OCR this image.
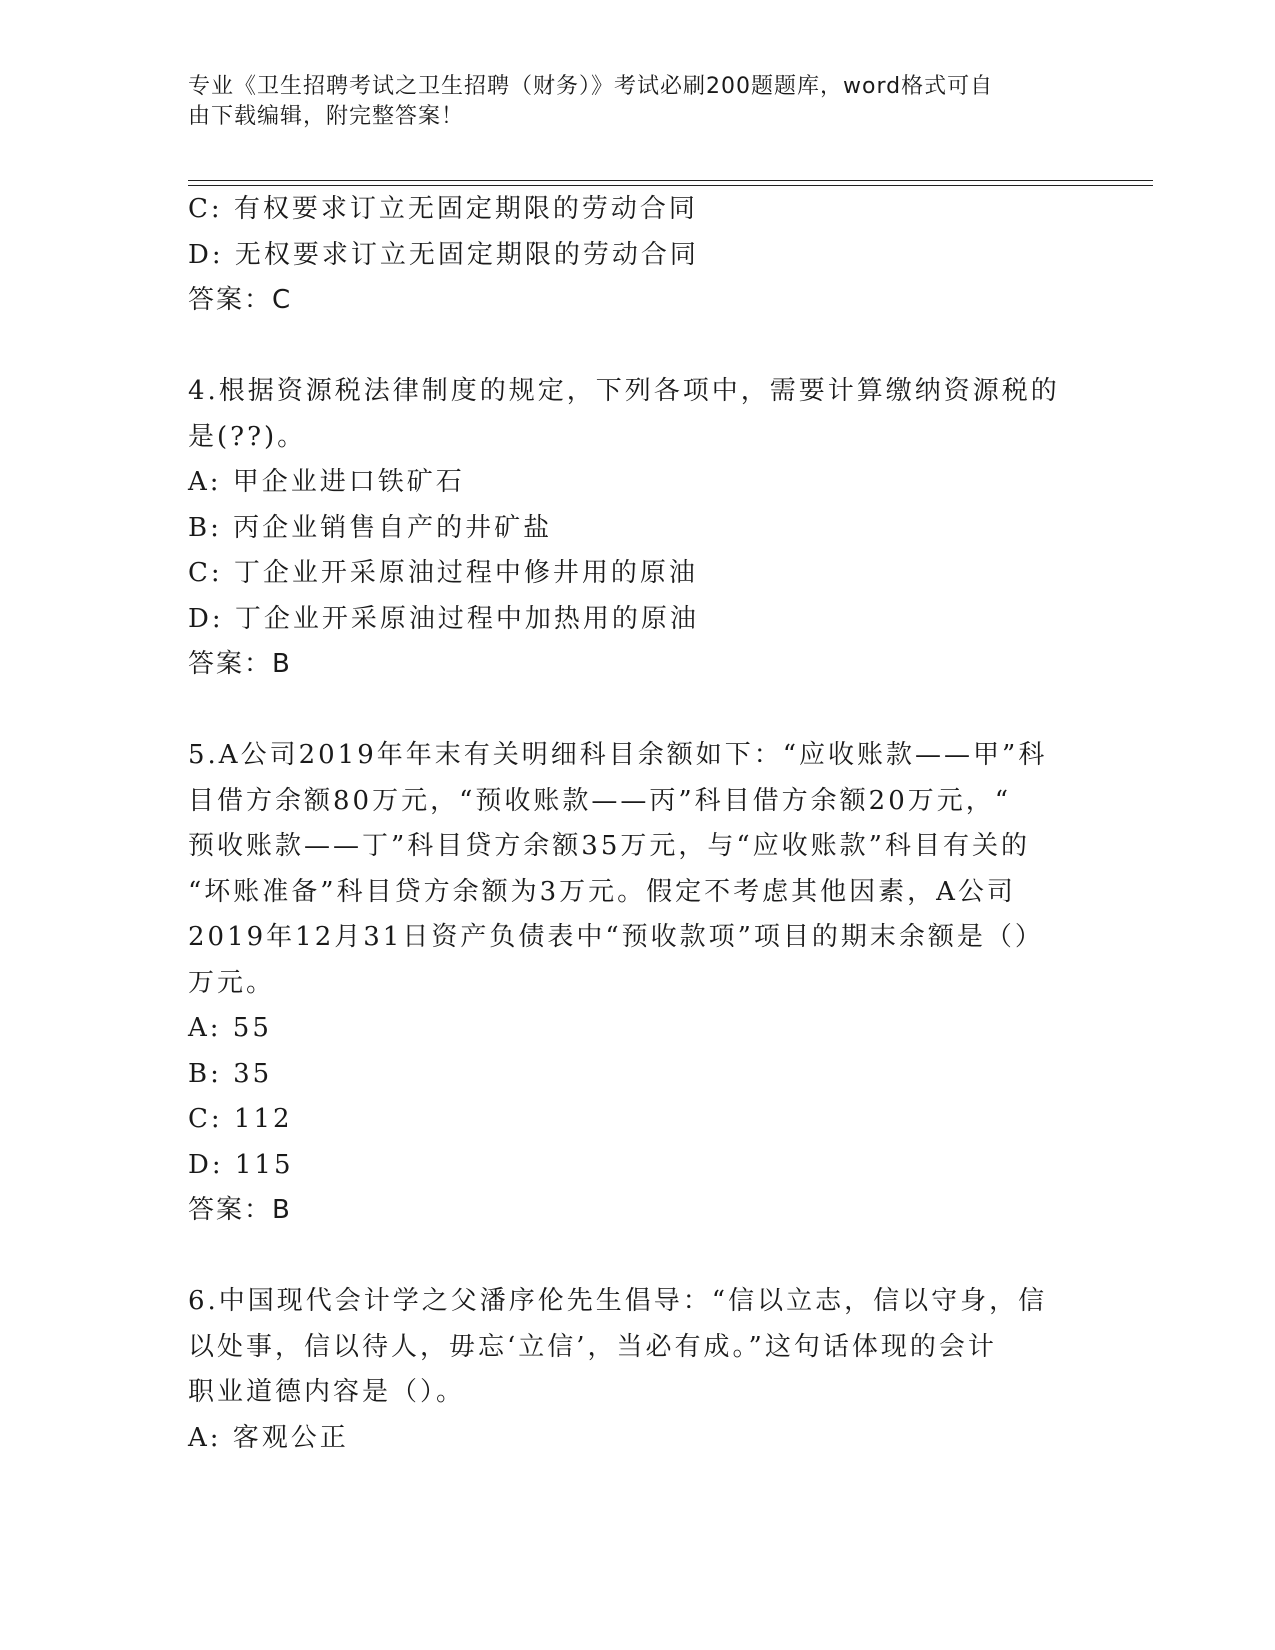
专业《卫生招聘考试之卫生招聘（财务）》考试必刷200题题库，word格式可自
由下载编辑，附完整答案！
C: 有权要求订立无固定期限的劳动合同
D: 无权要求订立无固定期限的劳动合同
答案：C
4.根据资源税法律制度的规定，下列各项中，需要计算缴纳资源税的
是(??)。
A: 甲企业进口铁矿石
B: 丙企业销售自产的井矿盐
C: 丁企业开采原油过程中修井用的原油
D: 丁企业开采原油过程中加热用的原油
答案：B
5.A公司2019年年末有关明细科目余额如下：“应收账款——甲”科
目借方余额80万元，“预收账款——丙”科目借方余额20万元，“
预收账款——丁”科目贷方余额35万元，与“应收账款”科目有关的
“坏账准备”科目贷方余额为3万元。假定不考虑其他因素，A公司
2019年12月31日资产负债表中“预收款项”项目的期末余额是（）
万元。
A: 55
B: 35
C: 112
D: 115
答案：B
6.中国现代会计学之父潘序伦先生倡导：“信以立志，信以守身，信
以处事，信以待人，毋忘‘立信’，当必有成。”这句话体现的会计
职业道德内容是（）。
A: 客观公正
